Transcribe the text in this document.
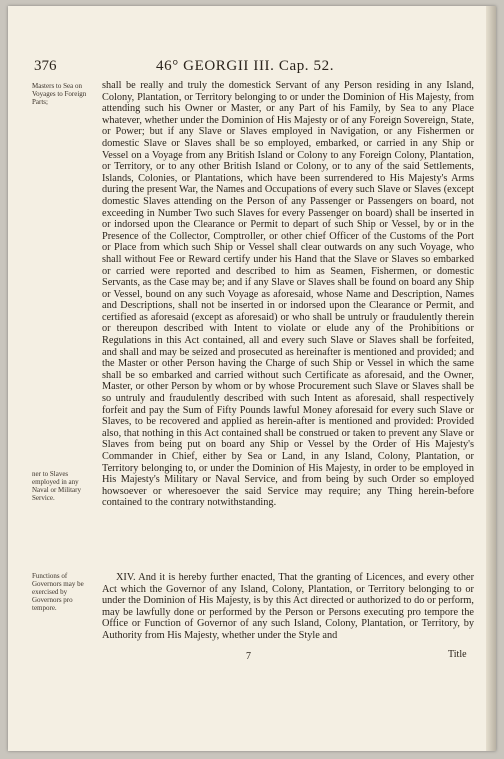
376	46° GEORGII III. Cap. 52.
Masters to Sea on Voyages to Foreign Parts;
ner to Slaves employed in any Naval or Military Service.
Functions of Governors may be exercised by Governors pro tempore.
shall be really and truly the domestick Servant of any Person residing in any Island, Colony, Plantation, or Territory belonging to or under the Dominion of His Majesty, from attending such his Owner or Master, or any Part of his Family, by Sea to any Place whatever, whether under the Dominion of His Majesty or of any Foreign Sovereign, State, or Power; but if any Slave or Slaves employed in Navigation, or any Fishermen or domestic Slave or Slaves shall be so employed, embarked, or carried in any Ship or Vessel on a Voyage from any British Island or Colony to any Foreign Colony, Plantation, or Territory, or to any other British Island or Colony, or to any of the said Settlements, Islands, Colonies, or Plantations, which have been surrendered to His Majesty's Arms during the present War, the Names and Occupations of every such Slave or Slaves (except domestic Slaves attending on the Person of any Passenger or Passengers on board, not exceeding in Number Two such Slaves for every Passenger on board) shall be inserted in or indorsed upon the Clearance or Permit to depart of such Ship or Vessel, by or in the Presence of the Collector, Comptroller, or other chief Officer of the Customs of the Port or Place from which such Ship or Vessel shall clear outwards on any such Voyage, who shall without Fee or Reward certify under his Hand that the Slave or Slaves so embarked or carried were reported and described to him as Seamen, Fishermen, or domestic Servants, as the Case may be; and if any Slave or Slaves shall be found on board any Ship or Vessel, bound on any such Voyage as aforesaid, whose Name and Description, Names and Descriptions, shall not be inserted in or indorsed upon the Clearance or Permit, and certified as aforesaid (except as aforesaid) or who shall be untruly or fraudulently therein or thereupon described with Intent to violate or elude any of the Prohibitions or Regulations in this Act contained, all and every such Slave or Slaves shall be forfeited, and shall and may be seized and prosecuted as hereinafter is mentioned and provided; and the Master or other Person having the Charge of such Ship or Vessel in which the same shall be so embarked and carried without such Certificate as aforesaid, and the Owner, Master, or other Person by whom or by whose Procurement such Slave or Slaves shall be so untruly and fraudulently described with such Intent as aforesaid, shall respectively forfeit and pay the Sum of Fifty Pounds lawful Money aforesaid for every such Slave or Slaves, to be recovered and applied as herein-after is mentioned and provided: Provided also, that nothing in this Act contained shall be construed or taken to prevent any Slave or Slaves from being put on board any Ship or Vessel by the Order of His Majesty's Commander in Chief, either by Sea or Land, in any Island, Colony, Plantation, or Territory belonging to, or under the Dominion of His Majesty, in order to be employed in His Majesty's Military or Naval Service, and from being by such Order so employed howsoever or wheresoever the said Service may require; any Thing herein-before contained to the contrary notwithstanding.
XIV. And it is hereby further enacted, That the granting of Licences, and every other Act which the Governor of any Island, Colony, Plantation, or Territory belonging to or under the Dominion of His Majesty, is by this Act directed or authorized to do or perform, may be lawfully done or performed by the Person or Persons executing pro tempore the Office or Function of Governor of any such Island, Colony, Plantation, or Territory, by Authority from His Majesty, whether under the Style and
7	Title
